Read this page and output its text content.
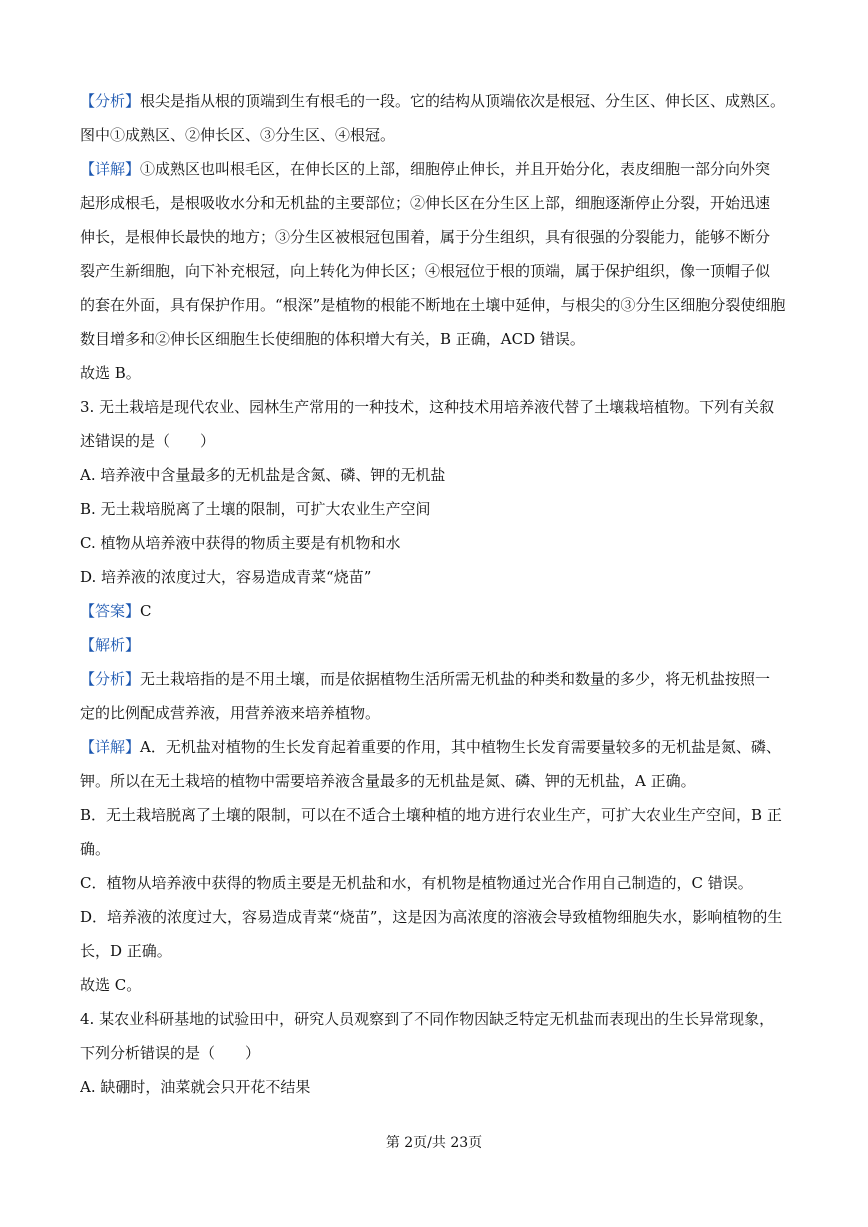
【分析】根尖是指从根的顶端到生有根毛的一段。它的结构从顶端依次是根冠、分生区、伸长区、成熟区。
图中①成熟区、②伸长区、③分生区、④根冠。
【详解】①成熟区也叫根毛区，在伸长区的上部，细胞停止伸长，并且开始分化，表皮细胞一部分向外突
起形成根毛，是根吸收水分和无机盐的主要部位；②伸长区在分生区上部，细胞逐渐停止分裂，开始迅速
伸长，是根伸长最快的地方；③分生区被根冠包围着，属于分生组织，具有很强的分裂能力，能够不断分
裂产生新细胞，向下补充根冠，向上转化为伸长区；④根冠位于根的顶端，属于保护组织，像一顶帽子似
的套在外面，具有保护作用。“根深”是植物的根能不断地在土壤中延伸，与根尖的③分生区细胞分裂使细胞
数目增多和②伸长区细胞生长使细胞的体积增大有关，B 正确，ACD 错误。
故选 B。
3. 无土栽培是现代农业、园林生产常用的一种技术，这种技术用培养液代替了土壤栽培植物。下列有关叙
述错误的是（　　）
A. 培养液中含量最多的无机盐是含氮、磷、钾的无机盐
B. 无土栽培脱离了土壤的限制，可扩大农业生产空间
C. 植物从培养液中获得的物质主要是有机物和水
D. 培养液的浓度过大，容易造成青菜“烧苗”
【答案】C
【解析】
【分析】无土栽培指的是不用土壤，而是依据植物生活所需无机盐的种类和数量的多少，将无机盐按照一
定的比例配成营养液，用营养液来培养植物。
【详解】A．无机盐对植物的生长发育起着重要的作用，其中植物生长发育需要量较多的无机盐是氮、磷、
钾。所以在无土栽培的植物中需要培养液含量最多的无机盐是氮、磷、钾的无机盐，A 正确。
B．无土栽培脱离了土壤的限制，可以在不适合土壤种植的地方进行农业生产，可扩大农业生产空间，B 正
确。
C．植物从培养液中获得的物质主要是无机盐和水，有机物是植物通过光合作用自己制造的，C 错误。
D．培养液的浓度过大，容易造成青菜“烧苗”，这是因为高浓度的溶液会导致植物细胞失水，影响植物的生
长，D 正确。
故选 C。
4. 某农业科研基地的试验田中，研究人员观察到了不同作物因缺乏特定无机盐而表现出的生长异常现象，
下列分析错误的是（　　）
A. 缺硼时，油菜就会只开花不结果
第 2页/共 23页
